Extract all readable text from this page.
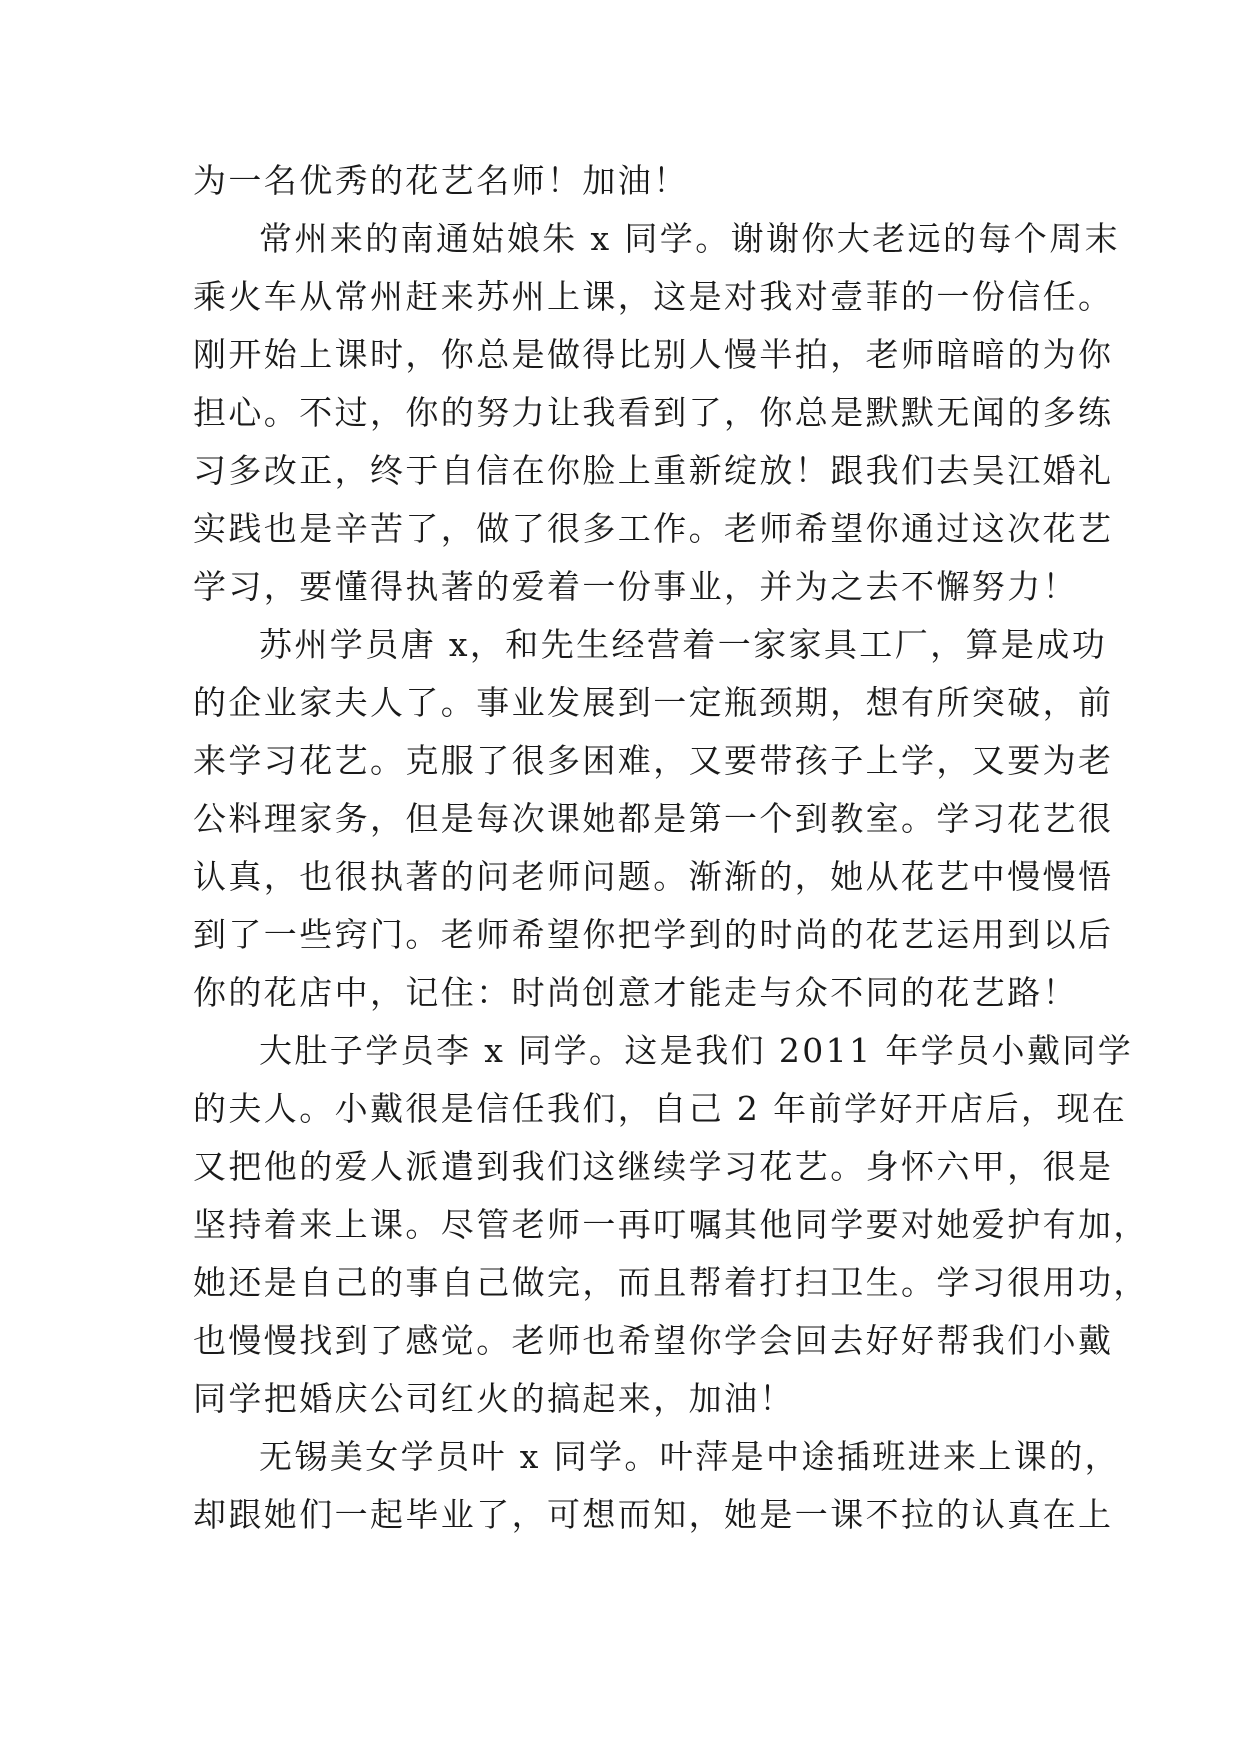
为一名优秀的花艺名师！加油！

常州来的南通姑娘朱 x 同学。谢谢你大老远的每个周末

乘火车从常州赶来苏州上课，这是对我对壹菲的一份信任。

刚开始上课时，你总是做得比别人慢半拍，老师暗暗的为你

担心。不过，你的努力让我看到了，你总是默默无闻的多练

习多改正，终于自信在你脸上重新绽放！跟我们去吴江婚礼

实践也是辛苦了，做了很多工作。老师希望你通过这次花艺

学习，要懂得执著的爱着一份事业，并为之去不懈努力！

苏州学员唐 x，和先生经营着一家家具工厂，算是成功

的企业家夫人了。事业发展到一定瓶颈期，想有所突破，前

来学习花艺。克服了很多困难，又要带孩子上学，又要为老

公料理家务，但是每次课她都是第一个到教室。学习花艺很

认真，也很执著的问老师问题。渐渐的，她从花艺中慢慢悟

到了一些窍门。老师希望你把学到的时尚的花艺运用到以后

你的花店中，记住：时尚创意才能走与众不同的花艺路！

大肚子学员李 x 同学。这是我们 2011 年学员小戴同学

的夫人。小戴很是信任我们，自己 2 年前学好开店后，现在

又把他的爱人派遣到我们这继续学习花艺。身怀六甲，很是

坚持着来上课。尽管老师一再叮嘱其他同学要对她爱护有加，

她还是自己的事自己做完，而且帮着打扫卫生。学习很用功，

也慢慢找到了感觉。老师也希望你学会回去好好帮我们小戴

同学把婚庆公司红火的搞起来，加油！

无锡美女学员叶 x 同学。叶萍是中途插班进来上课的，

却跟她们一起毕业了，可想而知，她是一课不拉的认真在上
